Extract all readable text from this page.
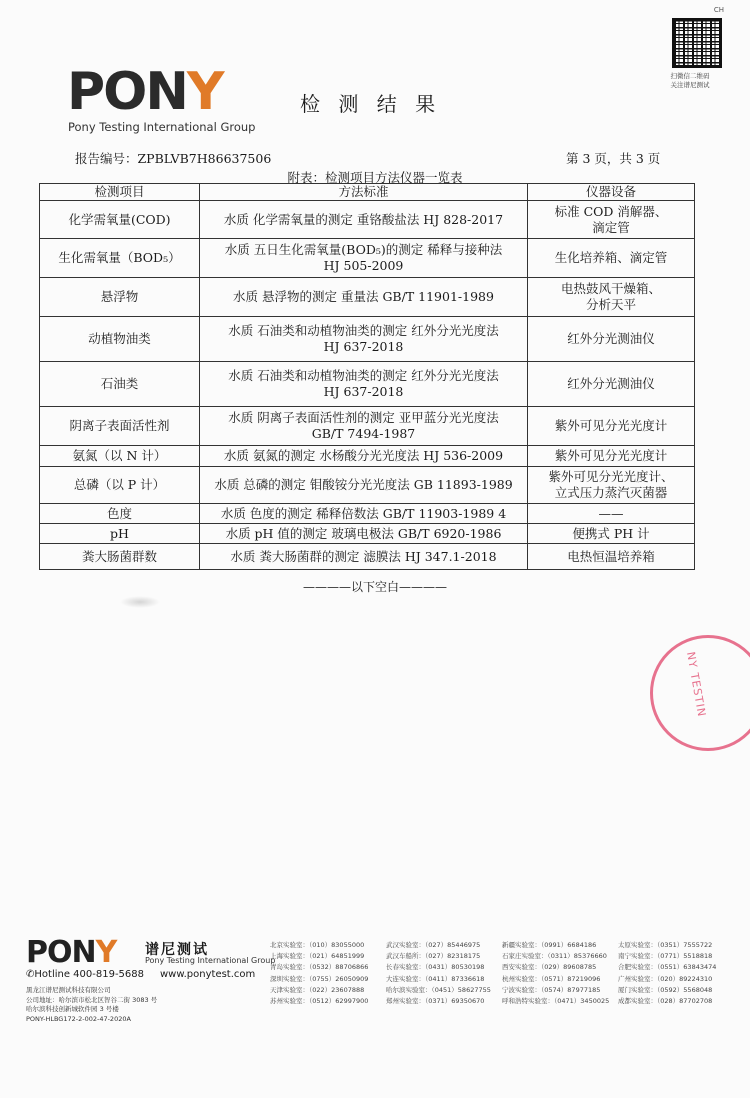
CH
扫微信二维码
关注谱尼测试
PONY
Pony Testing International Group
检 测 结 果
报告编号：ZPBLVB7H86637506	第 3 页，共 3 页
附表：检测项目方法仪器一览表
检测项目	方法标准	仪器设备
化学需氧量(COD)	水质 化学需氧量的测定 重铬酸盐法 HJ 828-2017	标准 COD 消解器、
滴定管

生化需氧量（BOD₅）	水质 五日生化需氧量(BOD₅)的测定 稀释与接种法
HJ 505-2009	生化培养箱、滴定管

悬浮物	水质 悬浮物的测定 重量法 GB/T 11901-1989	电热鼓风干燥箱、
分析天平

动植物油类	水质 石油类和动植物油类的测定 红外分光光度法
HJ 637-2018	红外分光测油仪

石油类	水质 石油类和动植物油类的测定 红外分光光度法
HJ 637-2018	红外分光测油仪

阴离子表面活性剂	水质 阴离子表面活性剂的测定 亚甲蓝分光光度法
GB/T 7494-1987	紫外可见分光光度计

氨氮（以 N 计）	水质 氨氮的测定 水杨酸分光光度法 HJ 536-2009	紫外可见分光光度计

总磷（以 P 计）	水质 总磷的测定 钼酸铵分光光度法 GB 11893-1989	紫外可见分光光度计、
立式压力蒸汽灭菌器

色度	水质 色度的测定 稀释倍数法 GB/T 11903-1989 4	——

pH	水质 pH 值的测定 玻璃电极法 GB/T 6920-1986	便携式 PH 计

粪大肠菌群数	水质 粪大肠菌群的测定 滤膜法 HJ 347.1-2018	电热恒温培养箱
————以下空白————
NY TESTIN
PONY 谱尼测试
Pony Testing International Group
✆Hotline 400-819-5688 www.ponytest.com
黑龙江谱尼测试科技有限公司
公司地址：哈尔滨市松北区智谷二街 3083 号
哈尔滨科技创新城软件园 3 号楼
PONY-HLBG172-2-002-47-2020A
北京实验室：（010）83055000	武汉实验室：（027）85446975	新疆实验室：（0991）6684186	太原实验室：（0351）7555722
上海实验室：（021）64851999	武汉车船所：（027）82318175	石家庄实验室：（0311）85376660	南宁实验室：（0771）5518818
青岛实验室：（0532）88706866	长春实验室：（0431）80530198	西安实验室：（029）89608785	合肥实验室：（0551）63843474
深圳实验室：（0755）26050909	大连实验室：（0411）87336618	杭州实验室：（0571）87219096	广州实验室：（020）89224310
天津实验室：（022）23607888	哈尔滨实验室：（0451）58627755	宁波实验室：（0574）87977185	厦门实验室：（0592）5568048
苏州实验室：（0512）62997900	郑州实验室：（0371）69350670	呼和浩特实验室：（0471）3450025	成都实验室：（028）87702708
